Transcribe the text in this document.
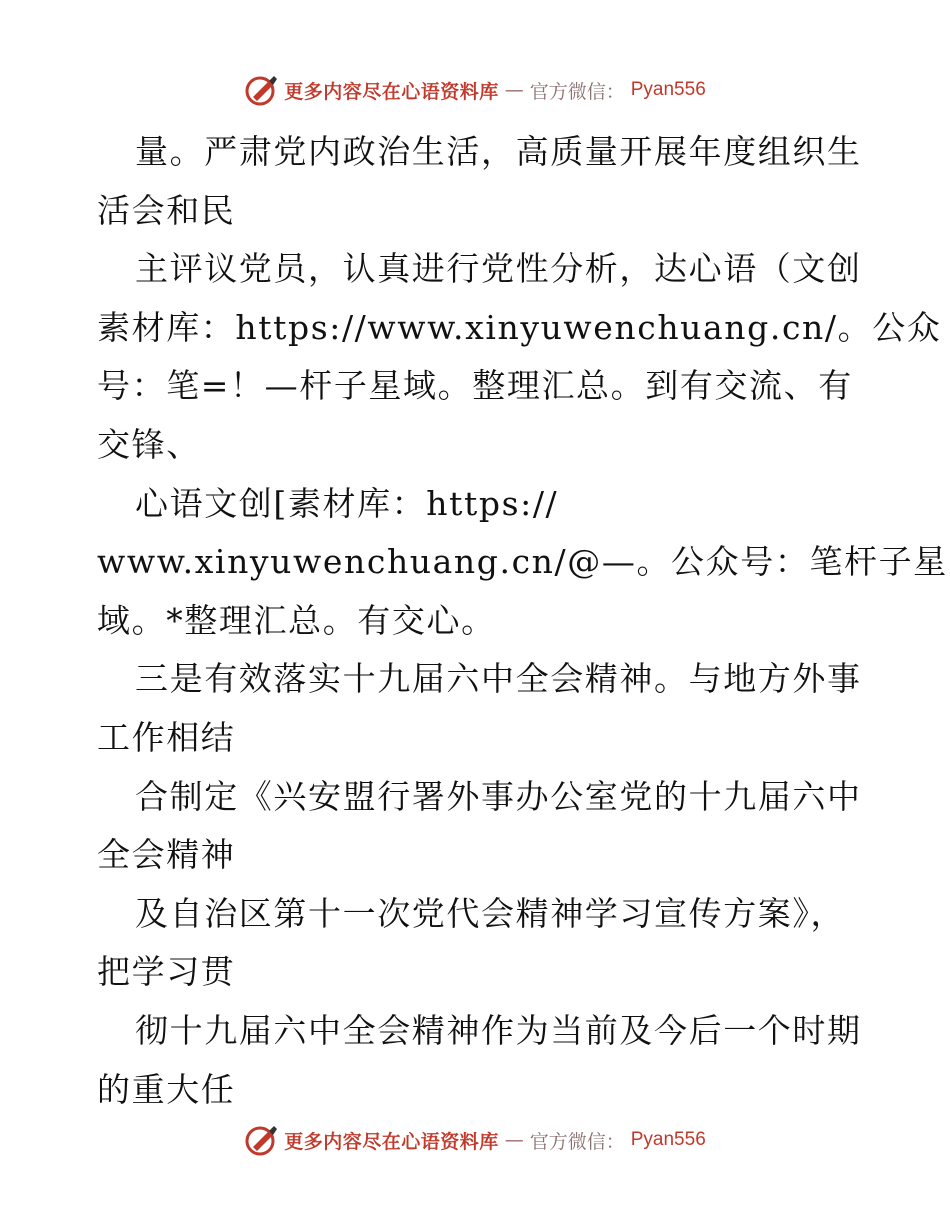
更多内容尽在心语资料库 — 官方微信： Pyan556
量。严肃党内政治生活，高质量开展年度组织生
活会和民
主评议党员，认真进行党性分析，达心语（文创
素材库：https://www.xinyuwenchuang.cn/。公众
号：笔=！—杆子星域。整理汇总。到有交流、有
交锋、
心语文创[素材库：https://
www.xinyuwenchuang.cn/@—。公众号：笔杆子星
域。*整理汇总。有交心。
三是有效落实十九届六中全会精神。与地方外事
工作相结
合制定《兴安盟行署外事办公室党的十九届六中
全会精神
及自治区第十一次党代会精神学习宣传方案》，
把学习贯
彻十九届六中全会精神作为当前及今后一个时期
的重大任
更多内容尽在心语资料库 — 官方微信： Pyan556
